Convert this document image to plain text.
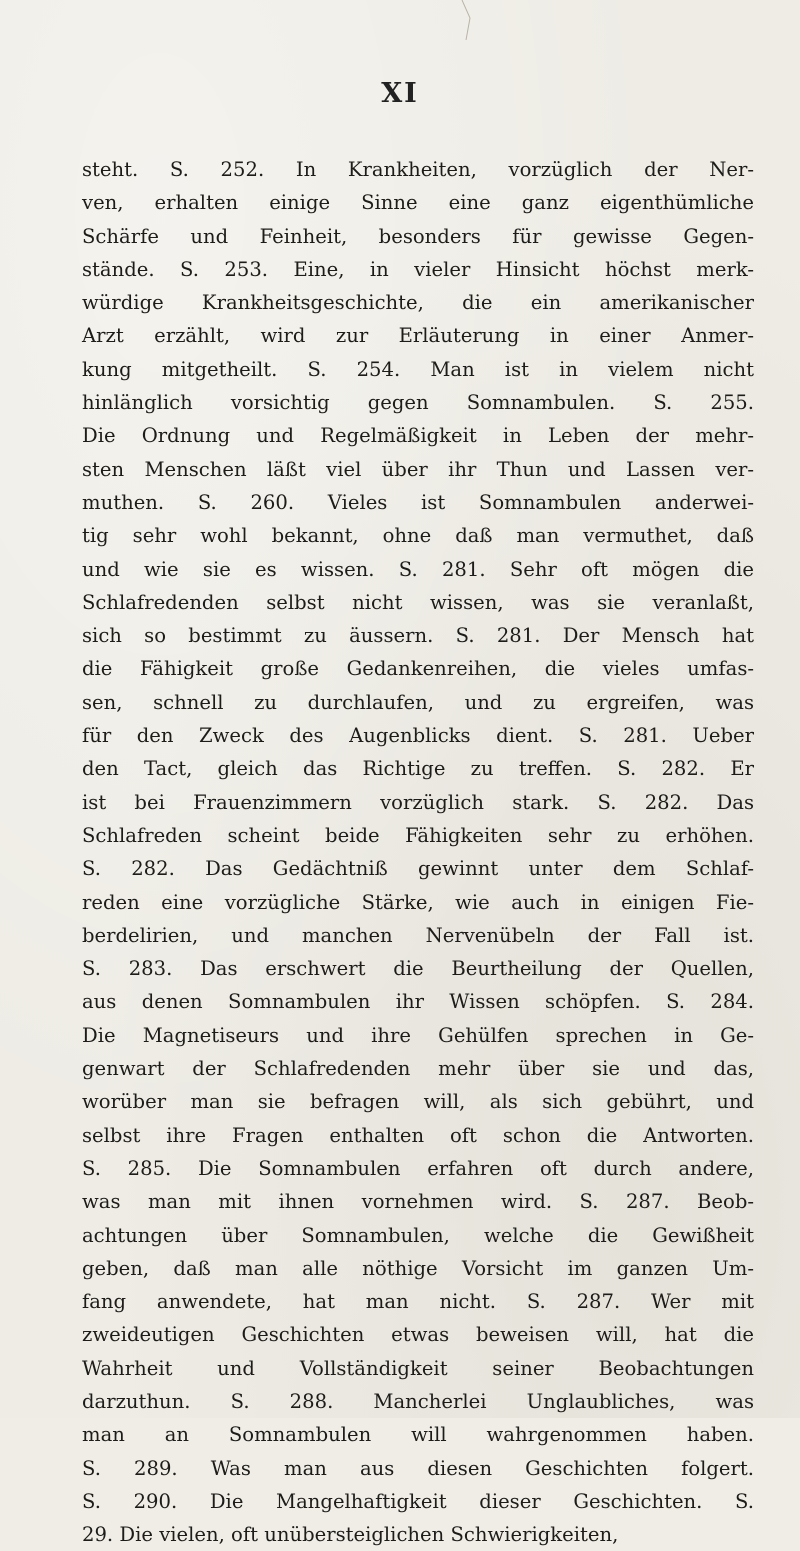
XI
steht. S. 252. In Krankheiten, vorzüglich der Ner-
ven, erhalten einige Sinne eine ganz eigenthümliche
Schärfe und Feinheit, besonders für gewisse Gegen-
stände. S. 253. Eine, in vieler Hinsicht höchst merk-
würdige Krankheitsgeschichte, die ein amerikanischer
Arzt erzählt, wird zur Erläuterung in einer Anmer-
kung mitgetheilt. S. 254. Man ist in vielem nicht
hinlänglich vorsichtig gegen Somnambulen. S. 255.
Die Ordnung und Regelmäßigkeit in Leben der mehr-
sten Menschen läßt viel über ihr Thun und Lassen ver-
muthen. S. 260. Vieles ist Somnambulen anderwei-
tig sehr wohl bekannt, ohne daß man vermuthet, daß
und wie sie es wissen. S. 281. Sehr oft mögen die
Schlafredenden selbst nicht wissen, was sie veranlaßt,
sich so bestimmt zu äussern. S. 281. Der Mensch hat
die Fähigkeit große Gedankenreihen, die vieles umfas-
sen, schnell zu durchlaufen, und zu ergreifen, was
für den Zweck des Augenblicks dient. S. 281. Ueber
den Tact, gleich das Richtige zu treffen. S. 282. Er
ist bei Frauenzimmern vorzüglich stark. S. 282. Das
Schlafreden scheint beide Fähigkeiten sehr zu erhöhen.
S. 282. Das Gedächtniß gewinnt unter dem Schlaf-
reden eine vorzügliche Stärke, wie auch in einigen Fie-
berdelirien, und manchen Nervenübeln der Fall ist.
S. 283. Das erschwert die Beurtheilung der Quellen,
aus denen Somnambulen ihr Wissen schöpfen. S. 284.
Die Magnetiseurs und ihre Gehülfen sprechen in Ge-
genwart der Schlafredenden mehr über sie und das,
worüber man sie befragen will, als sich gebührt, und
selbst ihre Fragen enthalten oft schon die Antworten.
S. 285. Die Somnambulen erfahren oft durch andere,
was man mit ihnen vornehmen wird. S. 287. Beob-
achtungen über Somnambulen, welche die Gewißheit
geben, daß man alle nöthige Vorsicht im ganzen Um-
fang anwendete, hat man nicht. S. 287. Wer mit
zweideutigen Geschichten etwas beweisen will, hat die
Wahrheit und Vollständigkeit seiner Beobachtungen
darzuthun. S. 288. Mancherlei Unglaubliches, was
man an Somnambulen will wahrgenommen haben.
S. 289. Was man aus diesen Geschichten folgert.
S. 290. Die Mangelhaftigkeit dieser Geschichten. S.
29. Die vielen, oft unübersteiglichen Schwierigkeiten,
